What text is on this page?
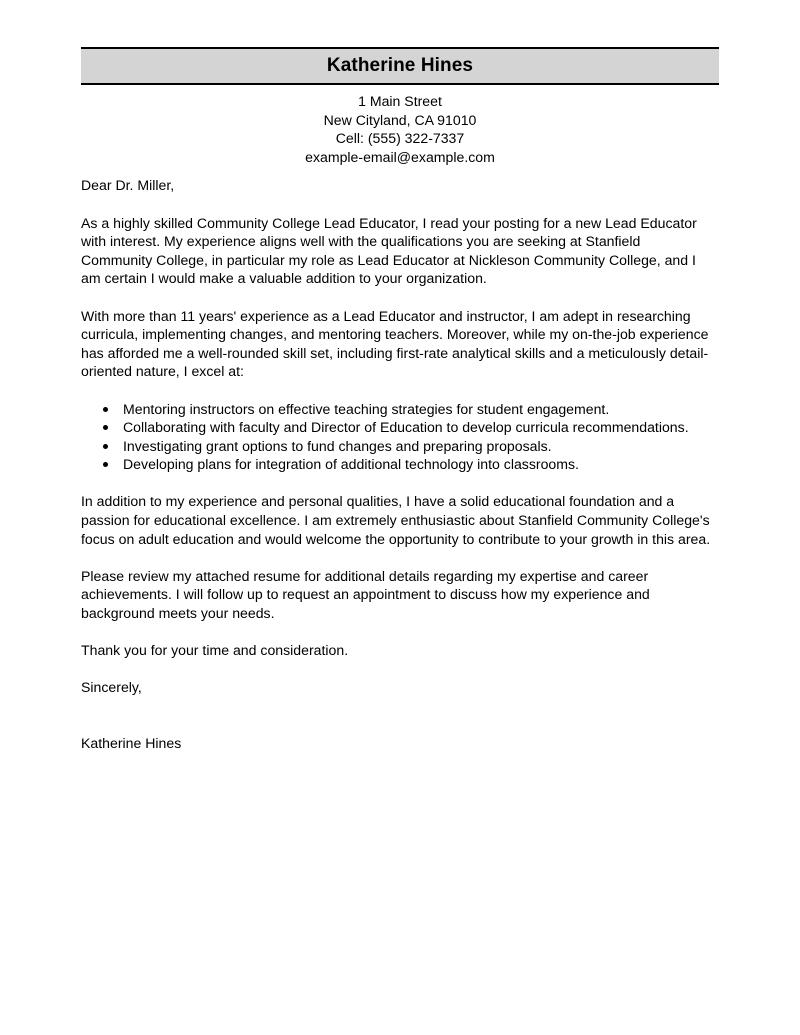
Katherine Hines
1 Main Street
New Cityland, CA 91010
Cell: (555) 322-7337
example-email@example.com
Dear Dr. Miller,

As a highly skilled Community College Lead Educator, I read your posting for a new Lead Educator with interest. My experience aligns well with the qualifications you are seeking at Stanfield Community College, in particular my role as Lead Educator at Nickleson Community College, and I am certain I would make a valuable addition to your organization.

With more than 11 years' experience as a Lead Educator and instructor, I am adept in researching curricula, implementing changes, and mentoring teachers. Moreover, while my on-the-job experience has afforded me a well-rounded skill set, including first-rate analytical skills and a meticulously detail-oriented nature, I excel at:

Mentoring instructors on effective teaching strategies for student engagement.
Collaborating with faculty and Director of Education to develop curricula recommendations.
Investigating grant options to fund changes and preparing proposals.
Developing plans for integration of additional technology into classrooms.

In addition to my experience and personal qualities, I have a solid educational foundation and a passion for educational excellence. I am extremely enthusiastic about Stanfield Community College's focus on adult education and would welcome the opportunity to contribute to your growth in this area.

Please review my attached resume for additional details regarding my expertise and career achievements. I will follow up to request an appointment to discuss how my experience and background meets your needs.

Thank you for your time and consideration.
Sincerely,
Katherine Hines
